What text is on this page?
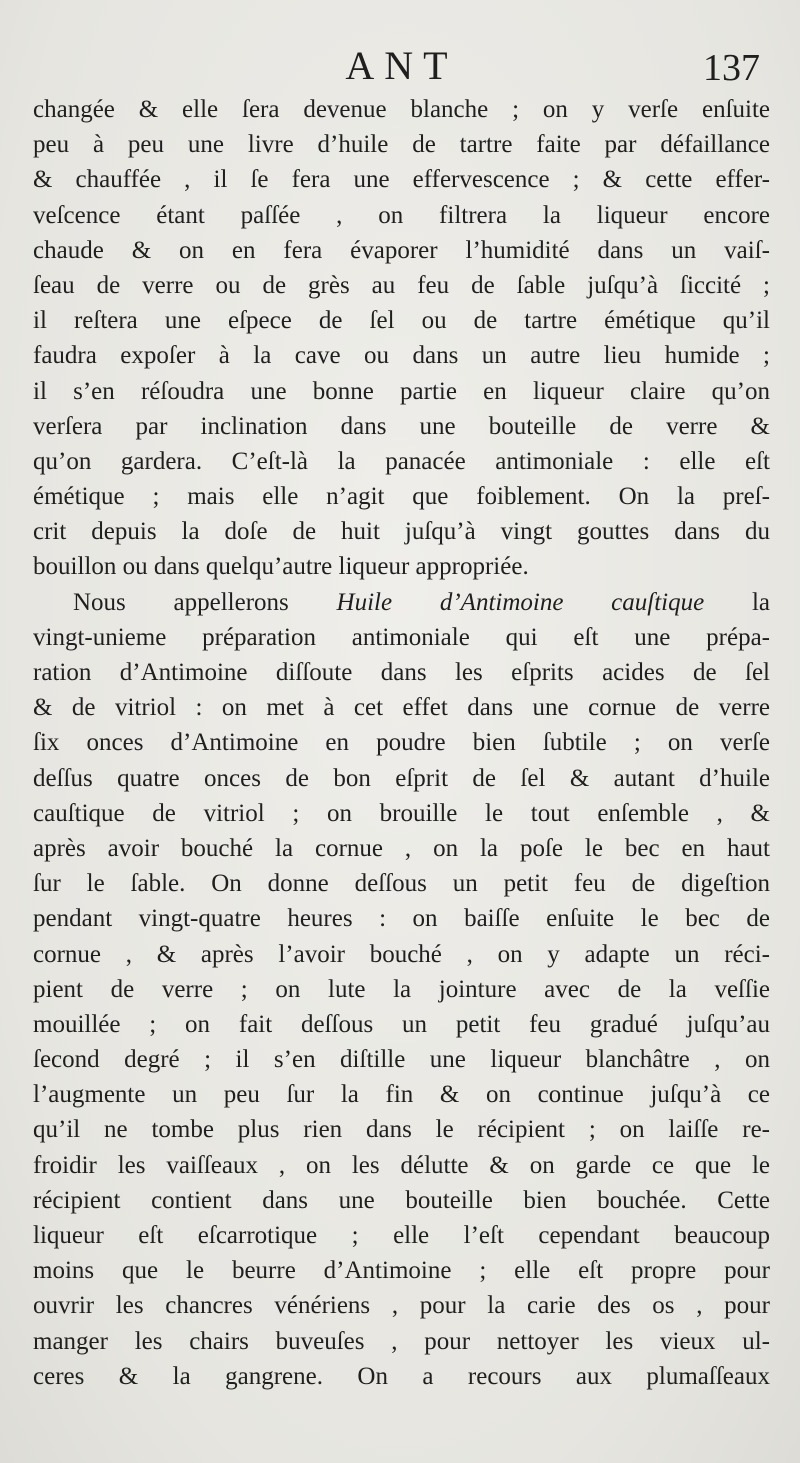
ANT	137
changée & elle ſera devenue blanche ; on y verſe enſuite
peu à peu une livre d’huile de tartre faite par défaillance
& chauffée , il ſe fera une effervescence ; & cette effer-
veſcence étant paſſée , on filtrera la liqueur encore
chaude & on en fera évaporer l’humidité dans un vaiſ-
ſeau de verre ou de grès au feu de ſable juſqu’à ſiccité ;
il reſtera une eſpece de ſel ou de tartre émétique qu’il
faudra expoſer à la cave ou dans un autre lieu humide ;
il s’en réſoudra une bonne partie en liqueur claire qu’on
verſera par inclination dans une bouteille de verre &
qu’on gardera. C’eſt-là la panacée antimoniale : elle eſt
émétique ; mais elle n’agit que foiblement. On la preſ-
crit depuis la doſe de huit juſqu’à vingt gouttes dans du
bouillon ou dans quelqu’autre liqueur appropriée.
Nous appellerons Huile d’Antimoine cauſtique la
vingt-unieme préparation antimoniale qui eſt une prépa-
ration d’Antimoine diſſoute dans les eſprits acides de ſel
& de vitriol : on met à cet effet dans une cornue de verre
ſix onces d’Antimoine en poudre bien ſubtile ; on verſe
deſſus quatre onces de bon eſprit de ſel & autant d’huile
cauſtique de vitriol ; on brouille le tout enſemble , &
après avoir bouché la cornue , on la poſe le bec en haut
ſur le ſable. On donne deſſous un petit feu de digeſtion
pendant vingt-quatre heures : on baiſſe enſuite le bec de
cornue , & après l’avoir bouché , on y adapte un réci-
pient de verre ; on lute la jointure avec de la veſſie
mouillée ; on fait deſſous un petit feu gradué juſqu’au
ſecond degré ; il s’en diſtille une liqueur blanchâtre , on
l’augmente un peu ſur la fin & on continue juſqu’à ce
qu’il ne tombe plus rien dans le récipient ; on laiſſe re-
froidir les vaiſſeaux , on les délutte & on garde ce que le
récipient contient dans une bouteille bien bouchée. Cette
liqueur eſt eſcarrotique ; elle l’eſt cependant beaucoup
moins que le beurre d’Antimoine ; elle eſt propre pour
ouvrir les chancres vénériens , pour la carie des os , pour
manger les chairs buveuſes , pour nettoyer les vieux ul-
ceres & la gangrene. On a recours aux plumaſſeaux
